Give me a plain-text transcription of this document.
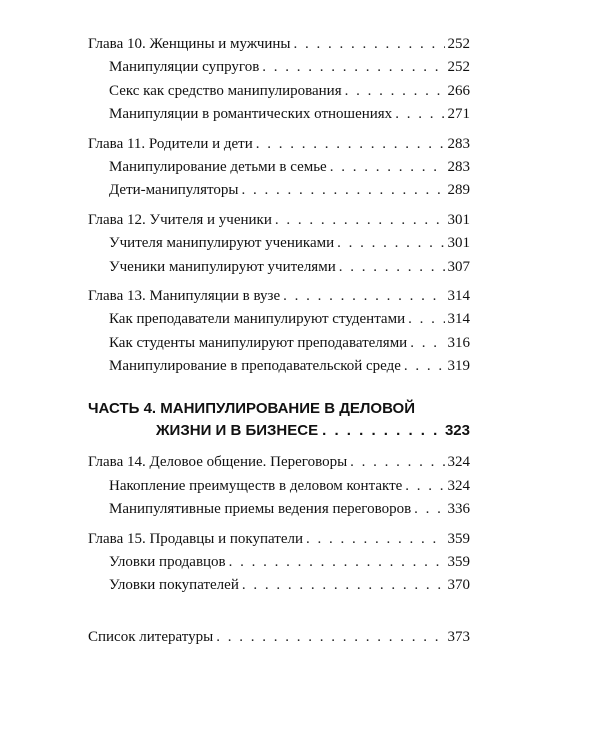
Глава 10. Женщины и мужчины . . .	252
Манипуляции супругов . . .	252
Секс как средство манипулирования . . .	266
Манипуляции в романтических отношениях . . .	271
Глава 11. Родители и дети . . .	283
Манипулирование детьми в семье . . .	283
Дети-манипуляторы . . .	289
Глава 12. Учителя и ученики . . .	301
Учителя манипулируют учениками . . .	301
Ученики манипулируют учителями . . .	307
Глава 13. Манипуляции в вузе . . .	314
Как преподаватели манипулируют студентами . . .	314
Как студенты манипулируют преподавателями . . .	316
Манипулирование в преподавательской среде . . .	319
ЧАСТЬ 4. МАНИПУЛИРОВАНИЕ В ДЕЛОВОЙ
ЖИЗНИ И В БИЗНЕСЕ . . .	323
Глава 14. Деловое общение. Переговоры . . .	324
Накопление преимуществ в деловом контакте . . .	324
Манипулятивные приемы ведения переговоров . . . 336
Глава 15. Продавцы и покупатели . . .	359
Уловки продавцов . . .	359
Уловки покупателей . . .	370
Список литературы . . .	373
